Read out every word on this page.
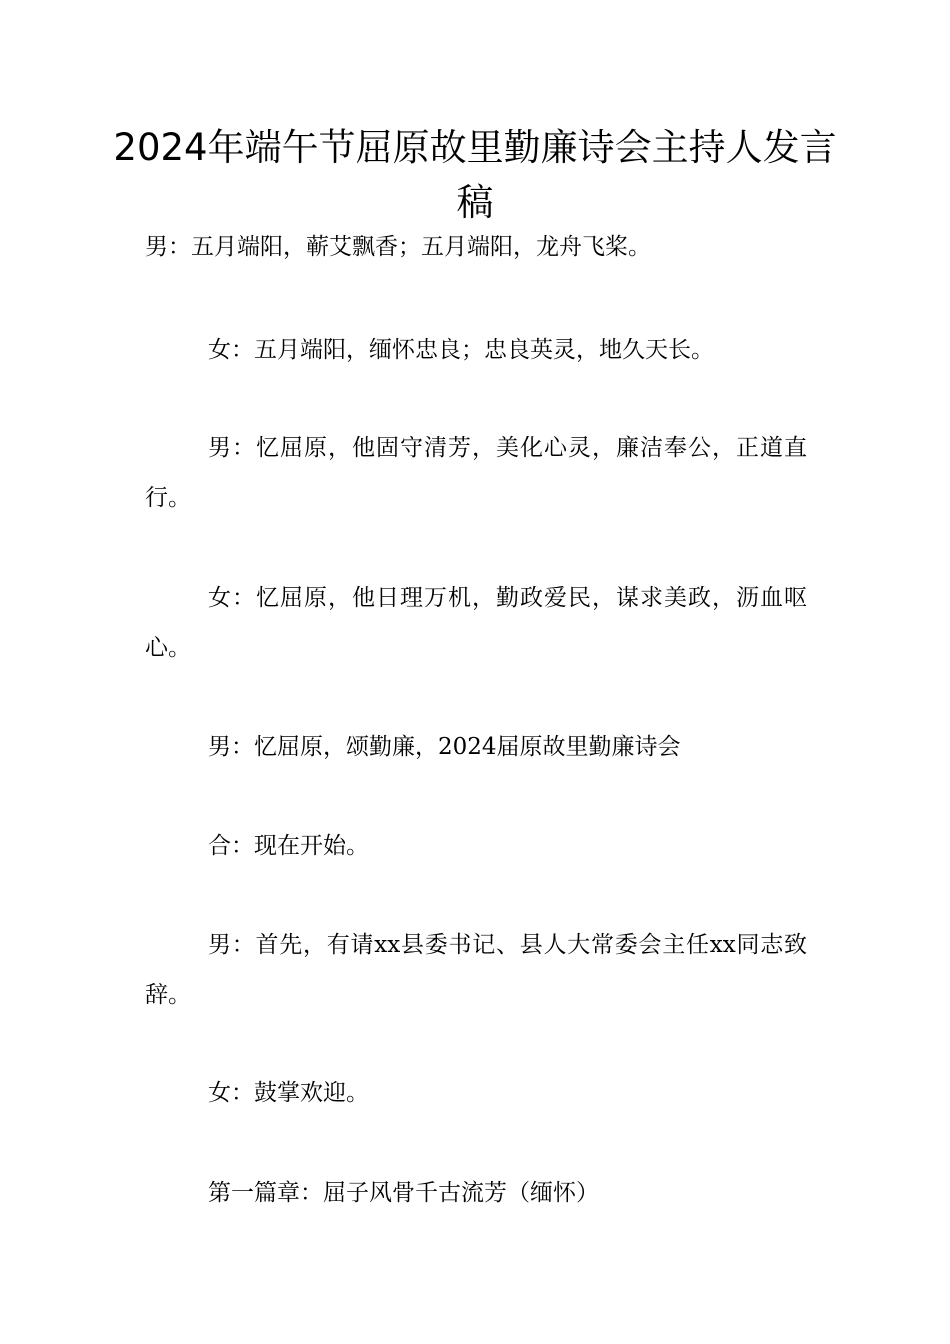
2024年端午节屈原故里勤廉诗会主持人发言稿

男：五月端阳，蕲艾飘香；五月端阳，龙舟飞桨。

女：五月端阳，缅怀忠良；忠良英灵，地久天长。

男：忆屈原，他固守清芳，美化心灵，廉洁奉公，正道直行。

女：忆屈原，他日理万机，勤政爱民，谋求美政，沥血呕心。

男：忆屈原，颂勤廉，2024届原故里勤廉诗会

合：现在开始。

男：首先，有请xx县委书记、县人大常委会主任xx同志致辞。

女：鼓掌欢迎。

第一篇章：屈子风骨千古流芳（缅怀）
